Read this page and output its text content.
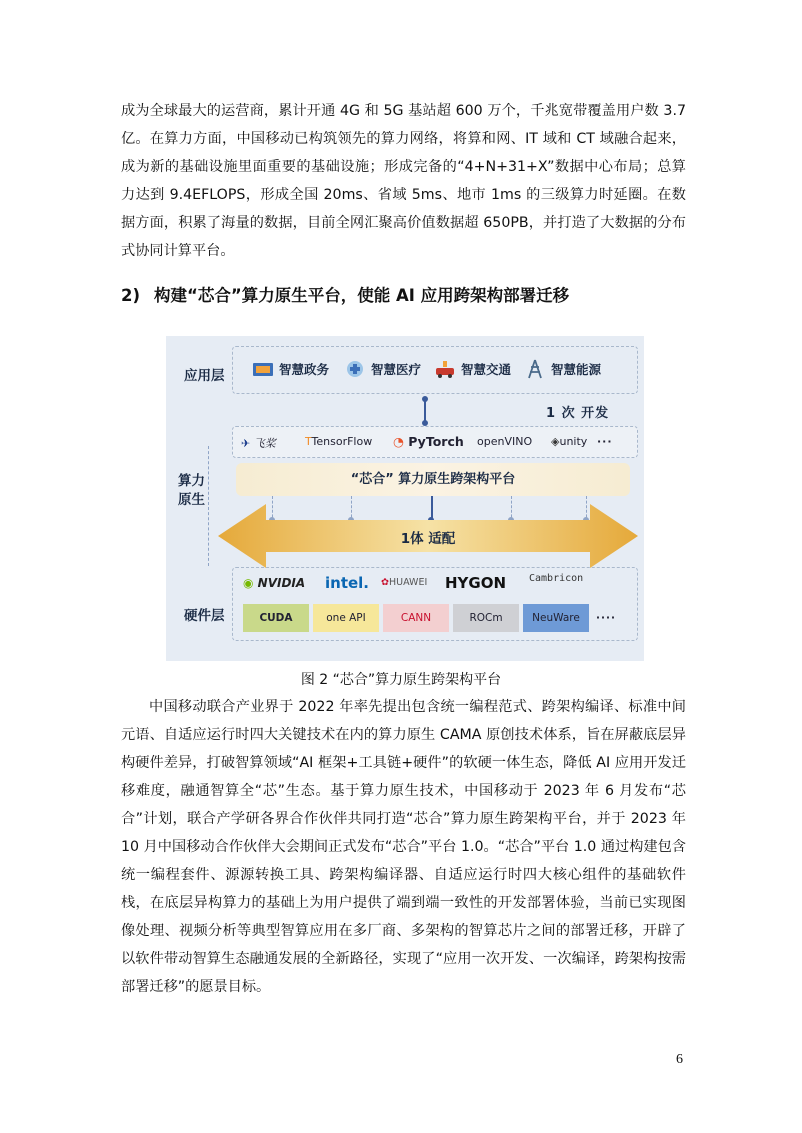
成为全球最大的运营商，累计开通 4G 和 5G 基站超 600 万个，千兆宽带覆盖用户数 3.7 亿。在算力方面，中国移动已构筑领先的算力网络，将算和网、IT 域和 CT 域融合起来，成为新的基础设施里面重要的基础设施；形成完备的“4+N+31+X”数据中心布局；总算力达到 9.4EFLOPS，形成全国 20ms、省域 5ms、地市 1ms 的三级算力时延圈。在数据方面，积累了海量的数据，目前全网汇聚高价值数据超 650PB，并打造了大数据的分布式协同计算平台。

2) 构建“芯合”算力原生平台，使能 AI 应用跨架构部署迁移
应用层
算力
原生
硬件层
智慧政务	智慧医疗	智慧交通	智慧能源
1 次 开发
✈ 飞桨	TTensorFlow ◔ PyTorch openVINO ◈unity ···
“芯合” 算力原生跨架构平台
1体 适配
◉ NVIDIA intel. ✿HUAWEI HYGON Cambricon
CUDA	one API	CANN	ROCm	NeuWare	····
图 2 “芯合”算力原生跨架构平台

中国移动联合产业界于 2022 年率先提出包含统一编程范式、跨架构编译、标准中间元语、自适应运行时四大关键技术在内的算力原生 CAMA 原创技术体系，旨在屏蔽底层异构硬件差异，打破智算领域“AI 框架+工具链+硬件”的软硬一体生态，降低 AI 应用开发迁移难度，融通智算全“芯”生态。基于算力原生技术，中国移动于 2023 年 6 月发布“芯合”计划，联合产学研各界合作伙伴共同打造“芯合”算力原生跨架构平台，并于 2023 年 10 月中国移动合作伙伴大会期间正式发布“芯合”平台 1.0。“芯合”平台 1.0 通过构建包含统一编程套件、源源转换工具、跨架构编译器、自适应运行时四大核心组件的基础软件栈，在底层异构算力的基础上为用户提供了端到端一致性的开发部署体验，当前已实现图像处理、视频分析等典型智算应用在多厂商、多架构的智算芯片之间的部署迁移，开辟了以软件带动智算生态融通发展的全新路径，实现了“应用一次开发、一次编译，跨架构按需部署迁移”的愿景目标。

6
